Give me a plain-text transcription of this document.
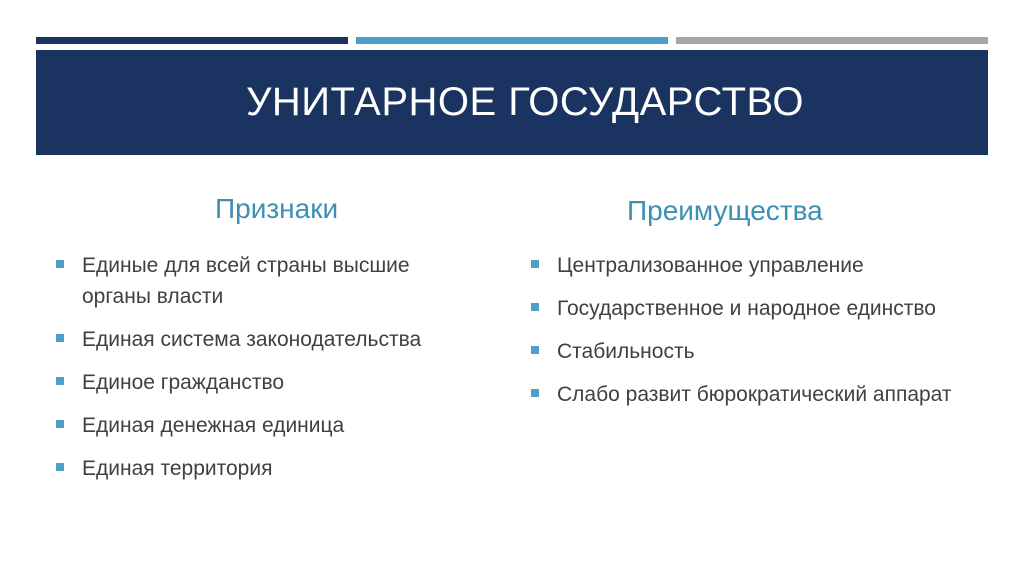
УНИТАРНОЕ ГОСУДАРСТВО
Признаки	Преимущества
Единые для всей страны высшие органы власти
Единая система законодательства
Единое гражданство
Единая денежная единица
Единая территория
Централизованное управление
Государственное и народное единство
Стабильность
Слабо развит бюрократический аппарат
